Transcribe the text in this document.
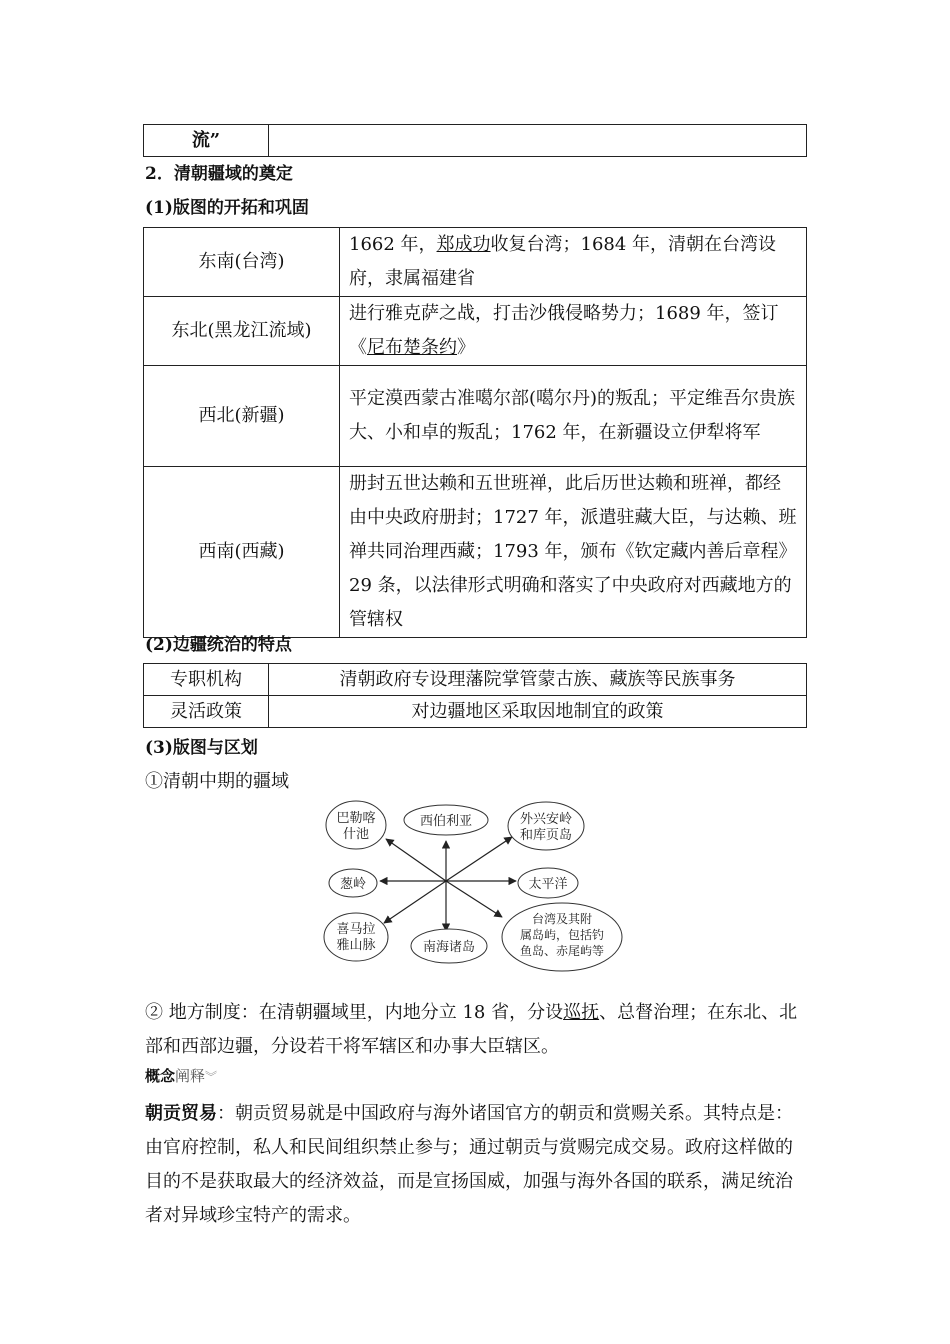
流”	
2．清朝疆域的奠定
(1)版图的开拓和巩固
东南(台湾)	1662 年，郑成功收复台湾；1684 年，清朝在台湾设府，隶属福建省
东北(黑龙江流域)	进行雅克萨之战，打击沙俄侵略势力；1689 年，签订《尼布楚条约》
西北(新疆)	平定漠西蒙古准噶尔部(噶尔丹)的叛乱；平定维吾尔贵族大、小和卓的叛乱；1762 年，在新疆设立伊犁将军
西南(西藏)	册封五世达赖和五世班禅，此后历世达赖和班禅，都经由中央政府册封；1727 年，派遣驻藏大臣，与达赖、班禅共同治理西藏；1793 年，颁布《钦定藏内善后章程》29 条，以法律形式明确和落实了中央政府对西藏地方的管辖权
(2)边疆统治的特点
专职机构	清朝政府专设理藩院掌管蒙古族、藏族等民族事务
灵活政策	对边疆地区采取因地制宜的政策
(3)版图与区划
①清朝中期的疆域
巴勒喀
什池
西伯利亚	外兴安岭
和库页岛
葱岭	太平洋
喜马拉
雅山脉	南海诸岛
台湾及其附
属岛屿，包括钓
鱼岛、赤尾屿等
② 地方制度：在清朝疆域里，内地分立 18 省，分设巡抚、总督治理；在东北、北部和西部边疆，分设若干将军辖区和办事大臣辖区。
概念阐释︾
朝贡贸易：朝贡贸易就是中国政府与海外诸国官方的朝贡和赏赐关系。其特点是：由官府控制，私人和民间组织禁止参与；通过朝贡与赏赐完成交易。政府这样做的目的不是获取最大的经济效益，而是宣扬国威，加强与海外各国的联系，满足统治者对异域珍宝特产的需求。
